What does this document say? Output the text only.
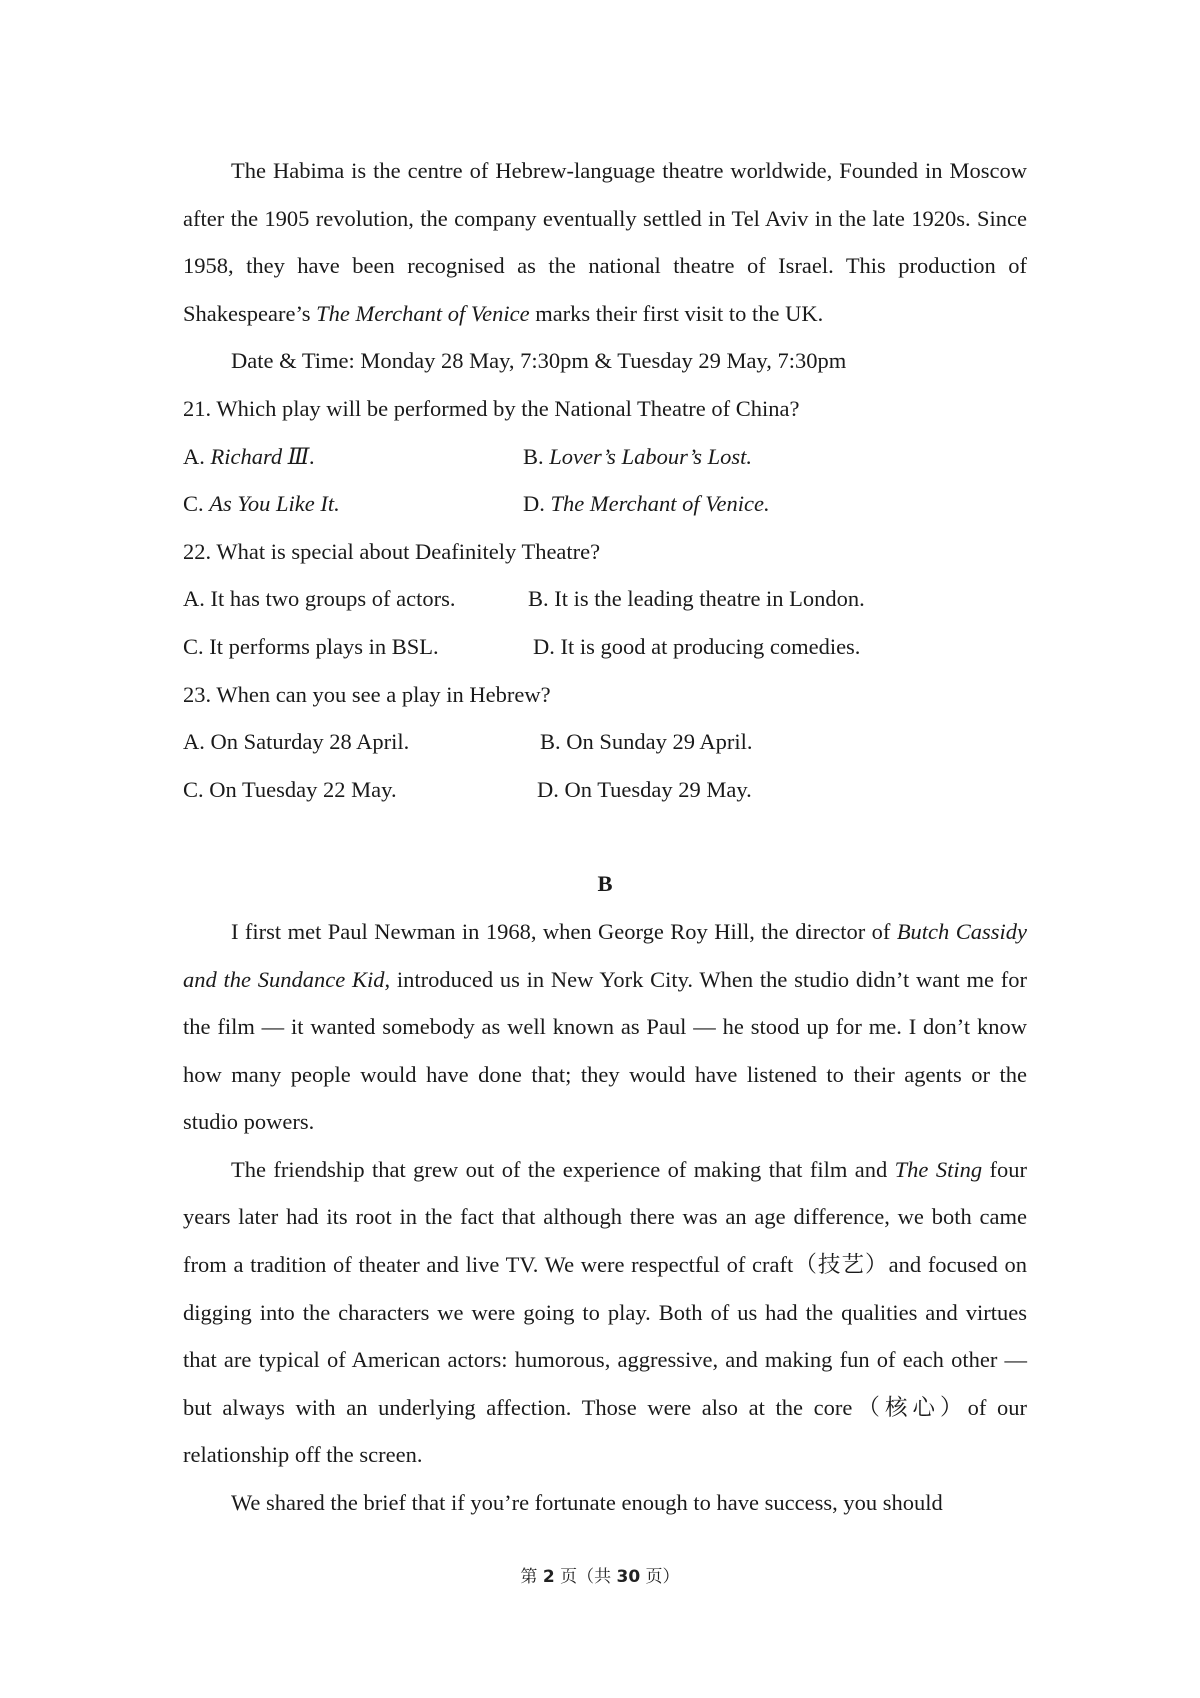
The Habima is the centre of Hebrew-language theatre worldwide, Founded in Moscow after the 1905 revolution, the company eventually settled in Tel Aviv in the late 1920s. Since 1958, they have been recognised as the national theatre of Israel. This production of Shakespeare’s The Merchant of Venice marks their first visit to the UK.

Date & Time: Monday 28 May, 7:30pm & Tuesday 29 May, 7:30pm

21. Which play will be performed by the National Theatre of China?

A. Richard Ⅲ.	B. Lover’s Labour’s Lost.
C. As You Like It.	D. The Merchant of Venice.

22. What is special about Deafinitely Theatre?

A. It has two groups of actors.	B. It is the leading theatre in London.
C. It performs plays in BSL.	D. It is good at producing comedies.

23. When can you see a play in Hebrew?

A. On Saturday 28 April.	B. On Sunday 29 April.
C. On Tuesday 22 May.	D. On Tuesday 29 May.

B

I first met Paul Newman in 1968, when George Roy Hill, the director of Butch Cassidy and the Sundance Kid, introduced us in New York City. When the studio didn’t want me for the film — it wanted somebody as well known as Paul — he stood up for me. I don’t know how many people would have done that; they would have listened to their agents or the studio powers.

The friendship that grew out of the experience of making that film and The Sting four years later had its root in the fact that although there was an age difference, we both came from a tradition of theater and live TV. We were respectful of craft（技艺）and focused on digging into the characters we were going to play. Both of us had the qualities and virtues that are typical of American actors: humorous, aggressive, and making fun of each other — but always with an underlying affection. Those were also at the core（核心）of our relationship off the screen.

We shared the brief that if you’re fortunate enough to have success, you should

第 2 页（共 30 页）
